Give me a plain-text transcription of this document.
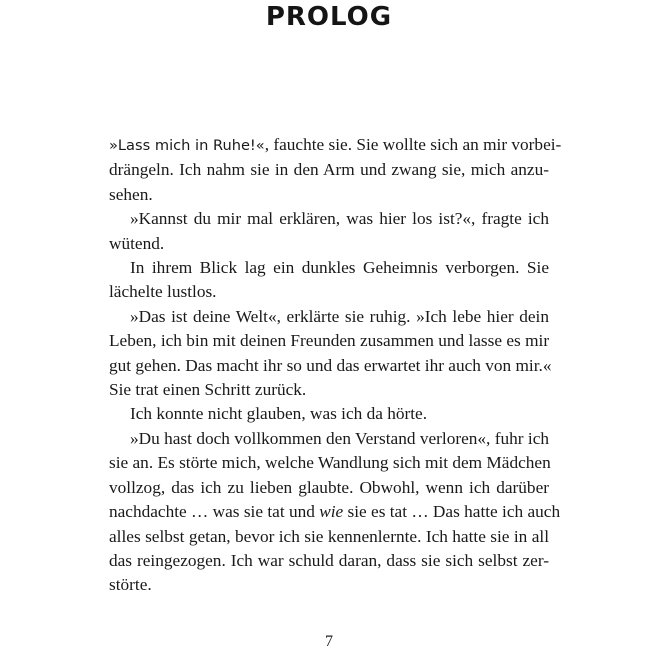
PROLOG
»Lass mich in Ruhe!«, fauchte sie. Sie wollte sich an mir vorbei-
drängeln. Ich nahm sie in den Arm und zwang sie, mich anzu-
sehen.
»Kannst du mir mal erklären, was hier los ist?«, fragte ich
wütend.
In ihrem Blick lag ein dunkles Geheimnis verborgen. Sie
lächelte lustlos.
»Das ist deine Welt«, erklärte sie ruhig. »Ich lebe hier dein
Leben, ich bin mit deinen Freunden zusammen und lasse es mir
gut gehen. Das macht ihr so und das erwartet ihr auch von mir.«
Sie trat einen Schritt zurück.
Ich konnte nicht glauben, was ich da hörte.
»Du hast doch vollkommen den Verstand verloren«, fuhr ich
sie an. Es störte mich, welche Wandlung sich mit dem Mädchen
vollzog, das ich zu lieben glaubte. Obwohl, wenn ich darüber
nachdachte … was sie tat und wie sie es tat … Das hatte ich auch
alles selbst getan, bevor ich sie kennenlernte. Ich hatte sie in all
das reingezogen. Ich war schuld daran, dass sie sich selbst zer-
störte.
7
